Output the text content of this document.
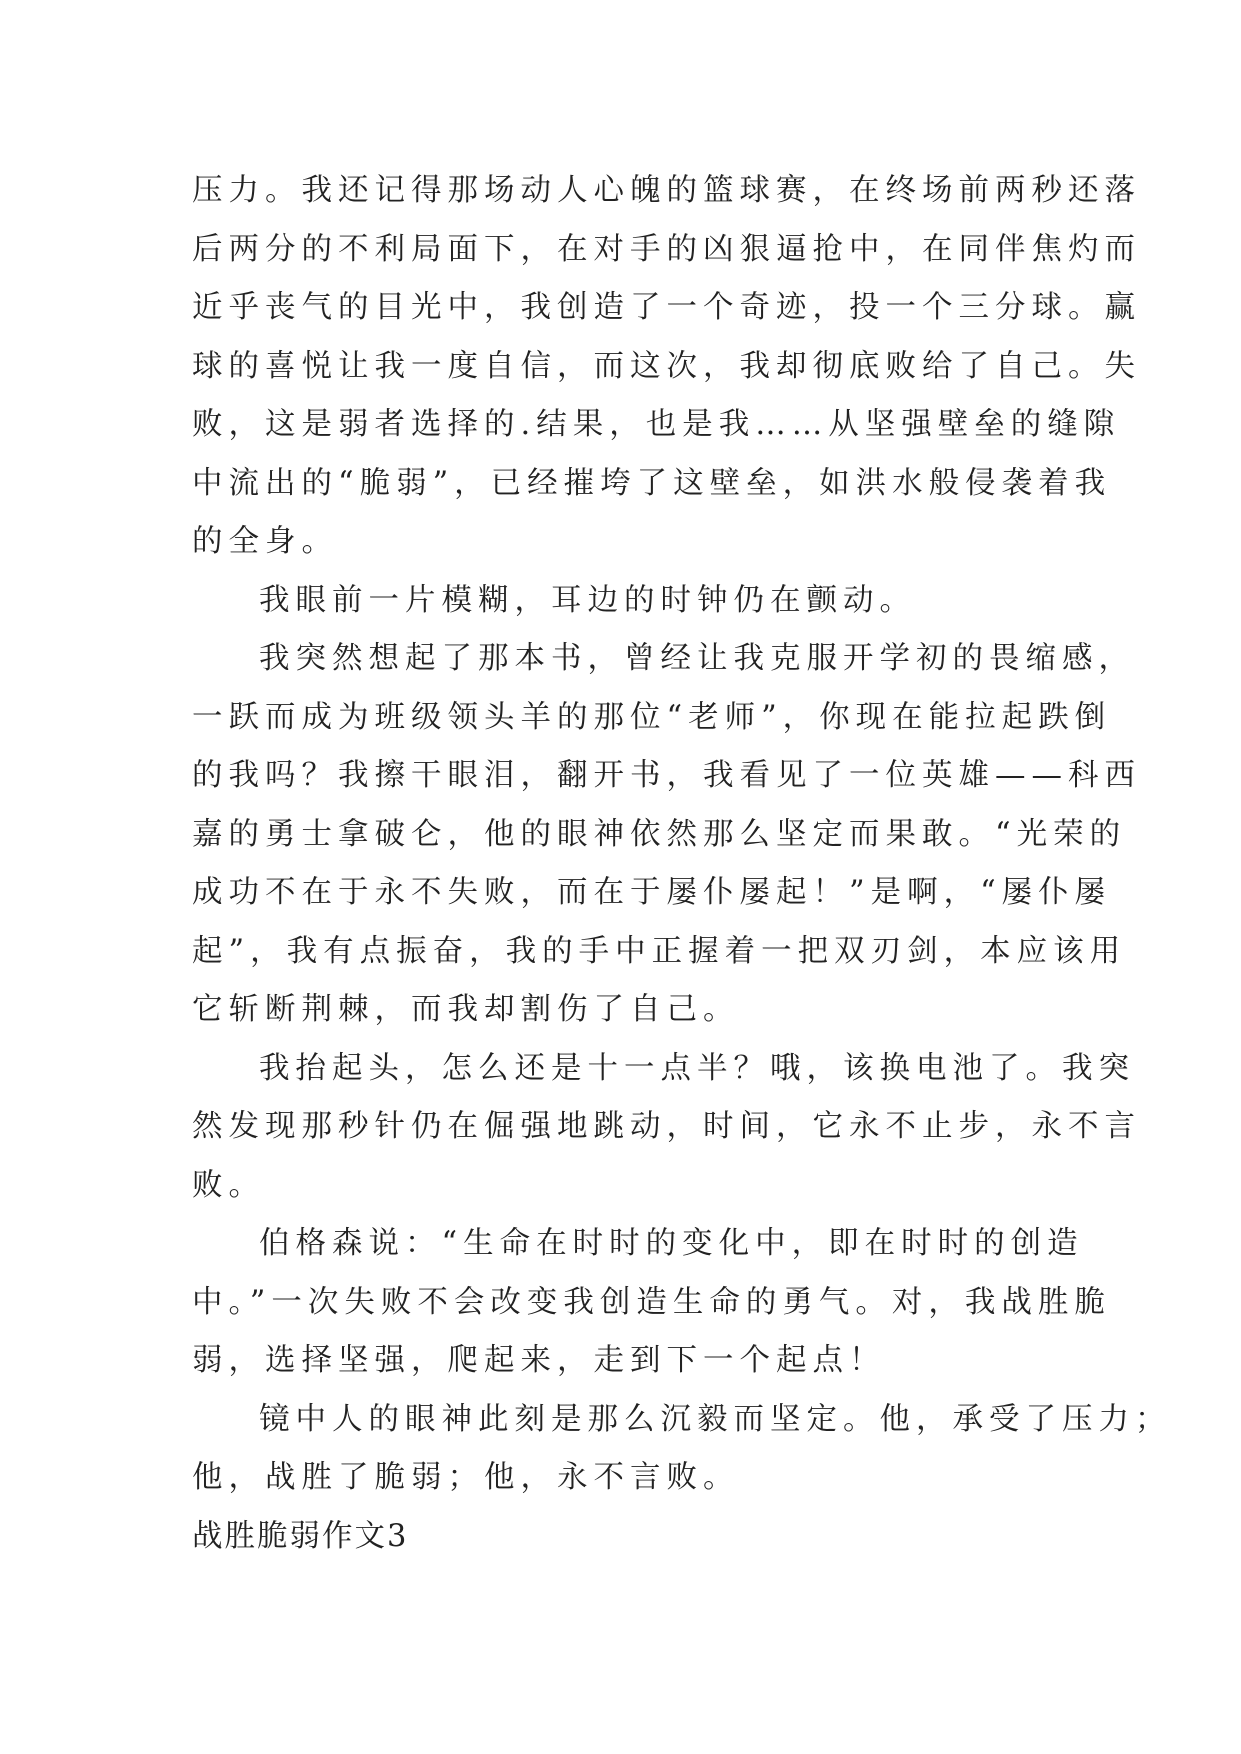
压力。我还记得那场动人心魄的篮球赛，在终场前两秒还落
后两分的不利局面下，在对手的凶狠逼抢中，在同伴焦灼而
近乎丧气的目光中，我创造了一个奇迹，投一个三分球。赢
球的喜悦让我一度自信，而这次，我却彻底败给了自己。失
败，这是弱者选择的.结果，也是我……从坚强壁垒的缝隙
中流出的“脆弱”，已经摧垮了这壁垒，如洪水般侵袭着我
的全身。
我眼前一片模糊，耳边的时钟仍在颤动。
我突然想起了那本书，曾经让我克服开学初的畏缩感，
一跃而成为班级领头羊的那位“老师”，你现在能拉起跌倒
的我吗？我擦干眼泪，翻开书，我看见了一位英雄——科西
嘉的勇士拿破仑，他的眼神依然那么坚定而果敢。“光荣的
成功不在于永不失败，而在于屡仆屡起！”是啊，“屡仆屡
起”，我有点振奋，我的手中正握着一把双刃剑，本应该用
它斩断荆棘，而我却割伤了自己。
我抬起头，怎么还是十一点半？哦，该换电池了。我突
然发现那秒针仍在倔强地跳动，时间，它永不止步，永不言
败。
伯格森说：“生命在时时的变化中，即在时时的创造
中。”一次失败不会改变我创造生命的勇气。对，我战胜脆
弱，选择坚强，爬起来，走到下一个起点！
镜中人的眼神此刻是那么沉毅而坚定。他，承受了压力；
他，战胜了脆弱；他，永不言败。
战胜脆弱作文3
